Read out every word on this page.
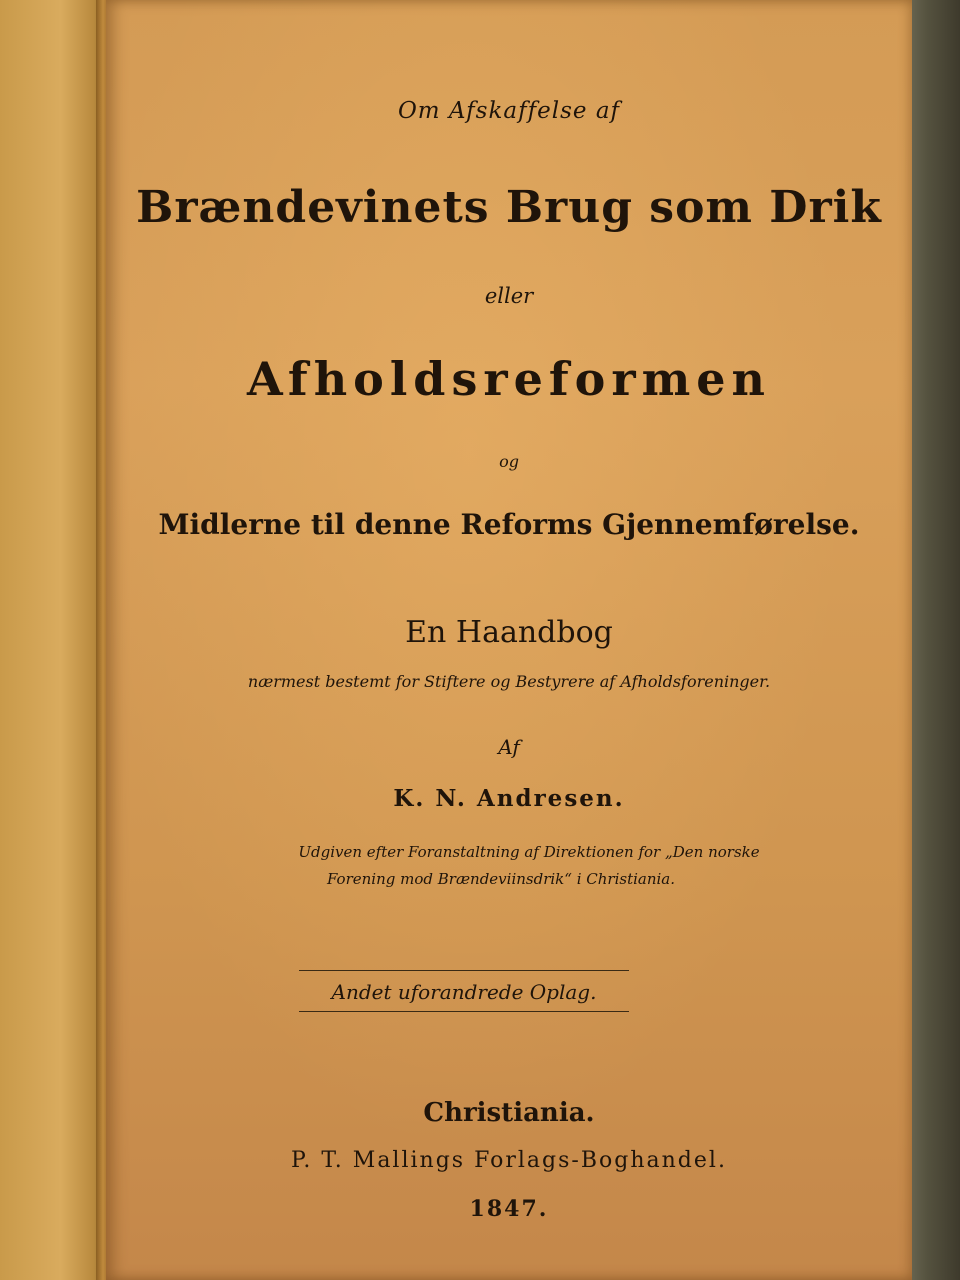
Om Afskaffelse af
Brændevinets Brug som Drik
eller
Afholdsreformen
og
Midlerne til denne Reforms Gjennemførelse.
En Haandbog
nærmest bestemt for Stiftere og Bestyrere af Afholdsforeninger.
Af
K. N. Andresen.
Udgiven efter Foranstaltning af Direktionen for „Den norske
Forening mod Brændeviinsdrik“ i Christiania.
Andet uforandrede Oplag.
Christiania.
P. T. Mallings Forlags-Boghandel.
1847.
